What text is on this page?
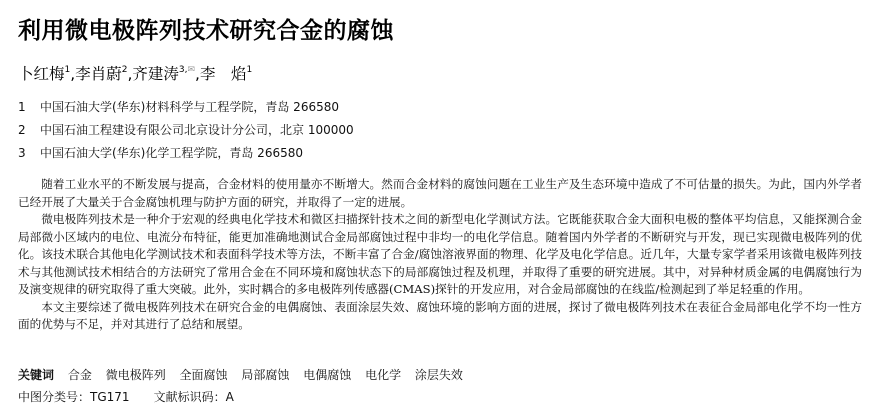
利用微电极阵列技术研究合金的腐蚀
卜红梅$^1$,李肖蔚$^2$,齐建涛$^{3,✉}$,李　焰$^1$
1 中国石油大学(华东)材料科学与工程学院，青岛 266580
2 中国石油工程建设有限公司北京设计分公司，北京 100000
3 中国石油大学(华东)化学工程学院，青岛 266580

随着工业水平的不断发展与提高，合金材料的使用量亦不断增大。然而合金材料的腐蚀问题在工业生产及生态环境中造成了不可估量的损失。为此，国内外学者已经开展了大量关于合金腐蚀机理与防护方面的研究，并取得了一定的进展。

微电极阵列技术是一种介于宏观的经典电化学技术和微区扫描探针技术之间的新型电化学测试方法。它既能获取合金大面积电极的整体平均信息，又能探测合金局部微小区域内的电位、电流分布特征，能更加准确地测试合金局部腐蚀过程中非均一的电化学信息。随着国内外学者的不断研究与开发，现已实现微电极阵列的优化。该技术联合其他电化学测试技术和表面科学技术等方法，不断丰富了合金/腐蚀溶液界面的物理、化学及电化学信息。近几年，大量专家学者采用该微电极阵列技术与其他测试技术相结合的方法研究了常用合金在不同环境和腐蚀状态下的局部腐蚀过程及机理，并取得了重要的研究进展。其中，对异种材质金属的电偶腐蚀行为及演变规律的研究取得了重大突破。此外，实时耦合的多电极阵列传感器(CMAS)探针的开发应用，对合金局部腐蚀的在线监/检测起到了举足轻重的作用。

本文主要综述了微电极阵列技术在研究合金的电偶腐蚀、表面涂层失效、腐蚀环境的影响方面的进展，探讨了微电极阵列技术在表征合金局部电化学不均一性方面的优势与不足，并对其进行了总结和展望。

关键词 合金 微电极阵列 全面腐蚀 局部腐蚀 电偶腐蚀 电化学 涂层失效
中图分类号：TG171 文献标识码：A
